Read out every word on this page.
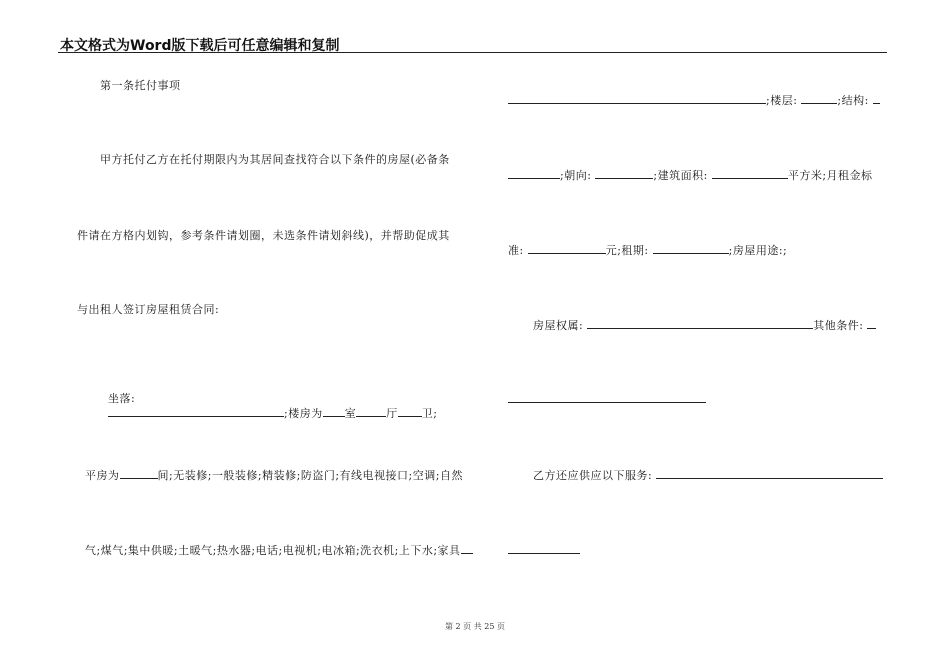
本文格式为Word版下载后可任意编辑和复制
第一条托付事项
甲方托付乙方在托付期限内为其居间查找符合以下条件的房屋(必备条
件请在方格内划钩，参考条件请划圈，未选条件请划斜线)，并帮助促成其
与出租人签订房屋租赁合同:

坐落:
;楼房为 室	厅 卫;

平房为	间;无装修;一般装修;精装修;防盗门;有线电视接口;空调;自然

气;煤气;集中供暖;土暖气;热水器;电话;电视机;电冰箱;洗衣机;上下水;家具

;楼层:	;结构:

;朝向:	;建筑面积:	平方米;月租金标

准:	元;租期:	;房屋用途:;

房屋权属:	其他条件:

乙方还应供应以下服务:

第 2 页 共 25 页
